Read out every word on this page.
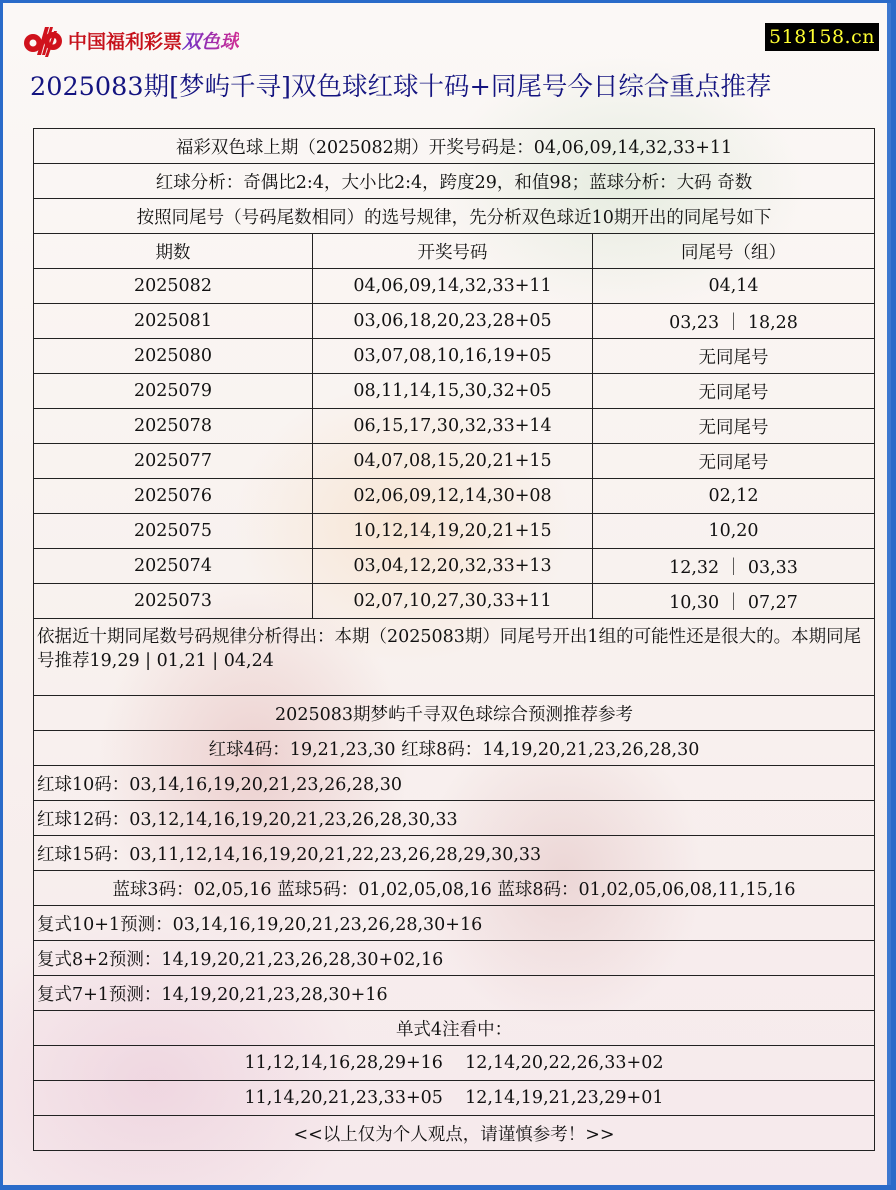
中国福利彩票双色球	518158.cn
2025083期[梦屿千寻]双色球红球十码+同尾号今日综合重点推荐
福彩双色球上期（2025082期）开奖号码是：04,06,09,14,32,33+11		
红球分析：奇偶比2:4，大小比2:4，跨度29，和值98；蓝球分析：大码 奇数		
按照同尾号（号码尾数相同）的选号规律，先分析双色球近10期开出的同尾号如下		
期数	开奖号码	同尾号（组）
2025082	04,06,09,14,32,33+11	04,14
2025081	03,06,18,20,23,28+05	03,23 ｜ 18,28
2025080	03,07,08,10,16,19+05	无同尾号
2025079	08,11,14,15,30,32+05	无同尾号
2025078	06,15,17,30,32,33+14	无同尾号
2025077	04,07,08,15,20,21+15	无同尾号
2025076	02,06,09,12,14,30+08	02,12
2025075	10,12,14,19,20,21+15	10,20
2025074	03,04,12,20,32,33+13	12,32 ｜ 03,33
2025073	02,07,10,27,30,33+11	10,30 ｜ 07,27
依据近十期同尾数号码规律分析得出：本期（2025083期）同尾号开出1组的可能性还是很大的。本期同尾号推荐19,29 | 01,21 | 04,24		
2025083期梦屿千寻双色球综合预测推荐参考		
红球4码：19,21,23,30 红球8码：14,19,20,21,23,26,28,30		
红球10码：03,14,16,19,20,21,23,26,28,30		
红球12码：03,12,14,16,19,20,21,23,26,28,30,33		
红球15码：03,11,12,14,16,19,20,21,22,23,26,28,29,30,33		
蓝球3码：02,05,16 蓝球5码：01,02,05,08,16 蓝球8码：01,02,05,06,08,11,15,16		
复式10+1预测：03,14,16,19,20,21,23,26,28,30+16		
复式8+2预测：14,19,20,21,23,26,28,30+02,16		
复式7+1预测：14,19,20,21,23,28,30+16		
单式4注看中：		
11,12,14,16,28,29+16    12,14,20,22,26,33+02		
11,14,20,21,23,33+05    12,14,19,21,23,29+01		
<<以上仅为个人观点，请谨慎参考！>>		
